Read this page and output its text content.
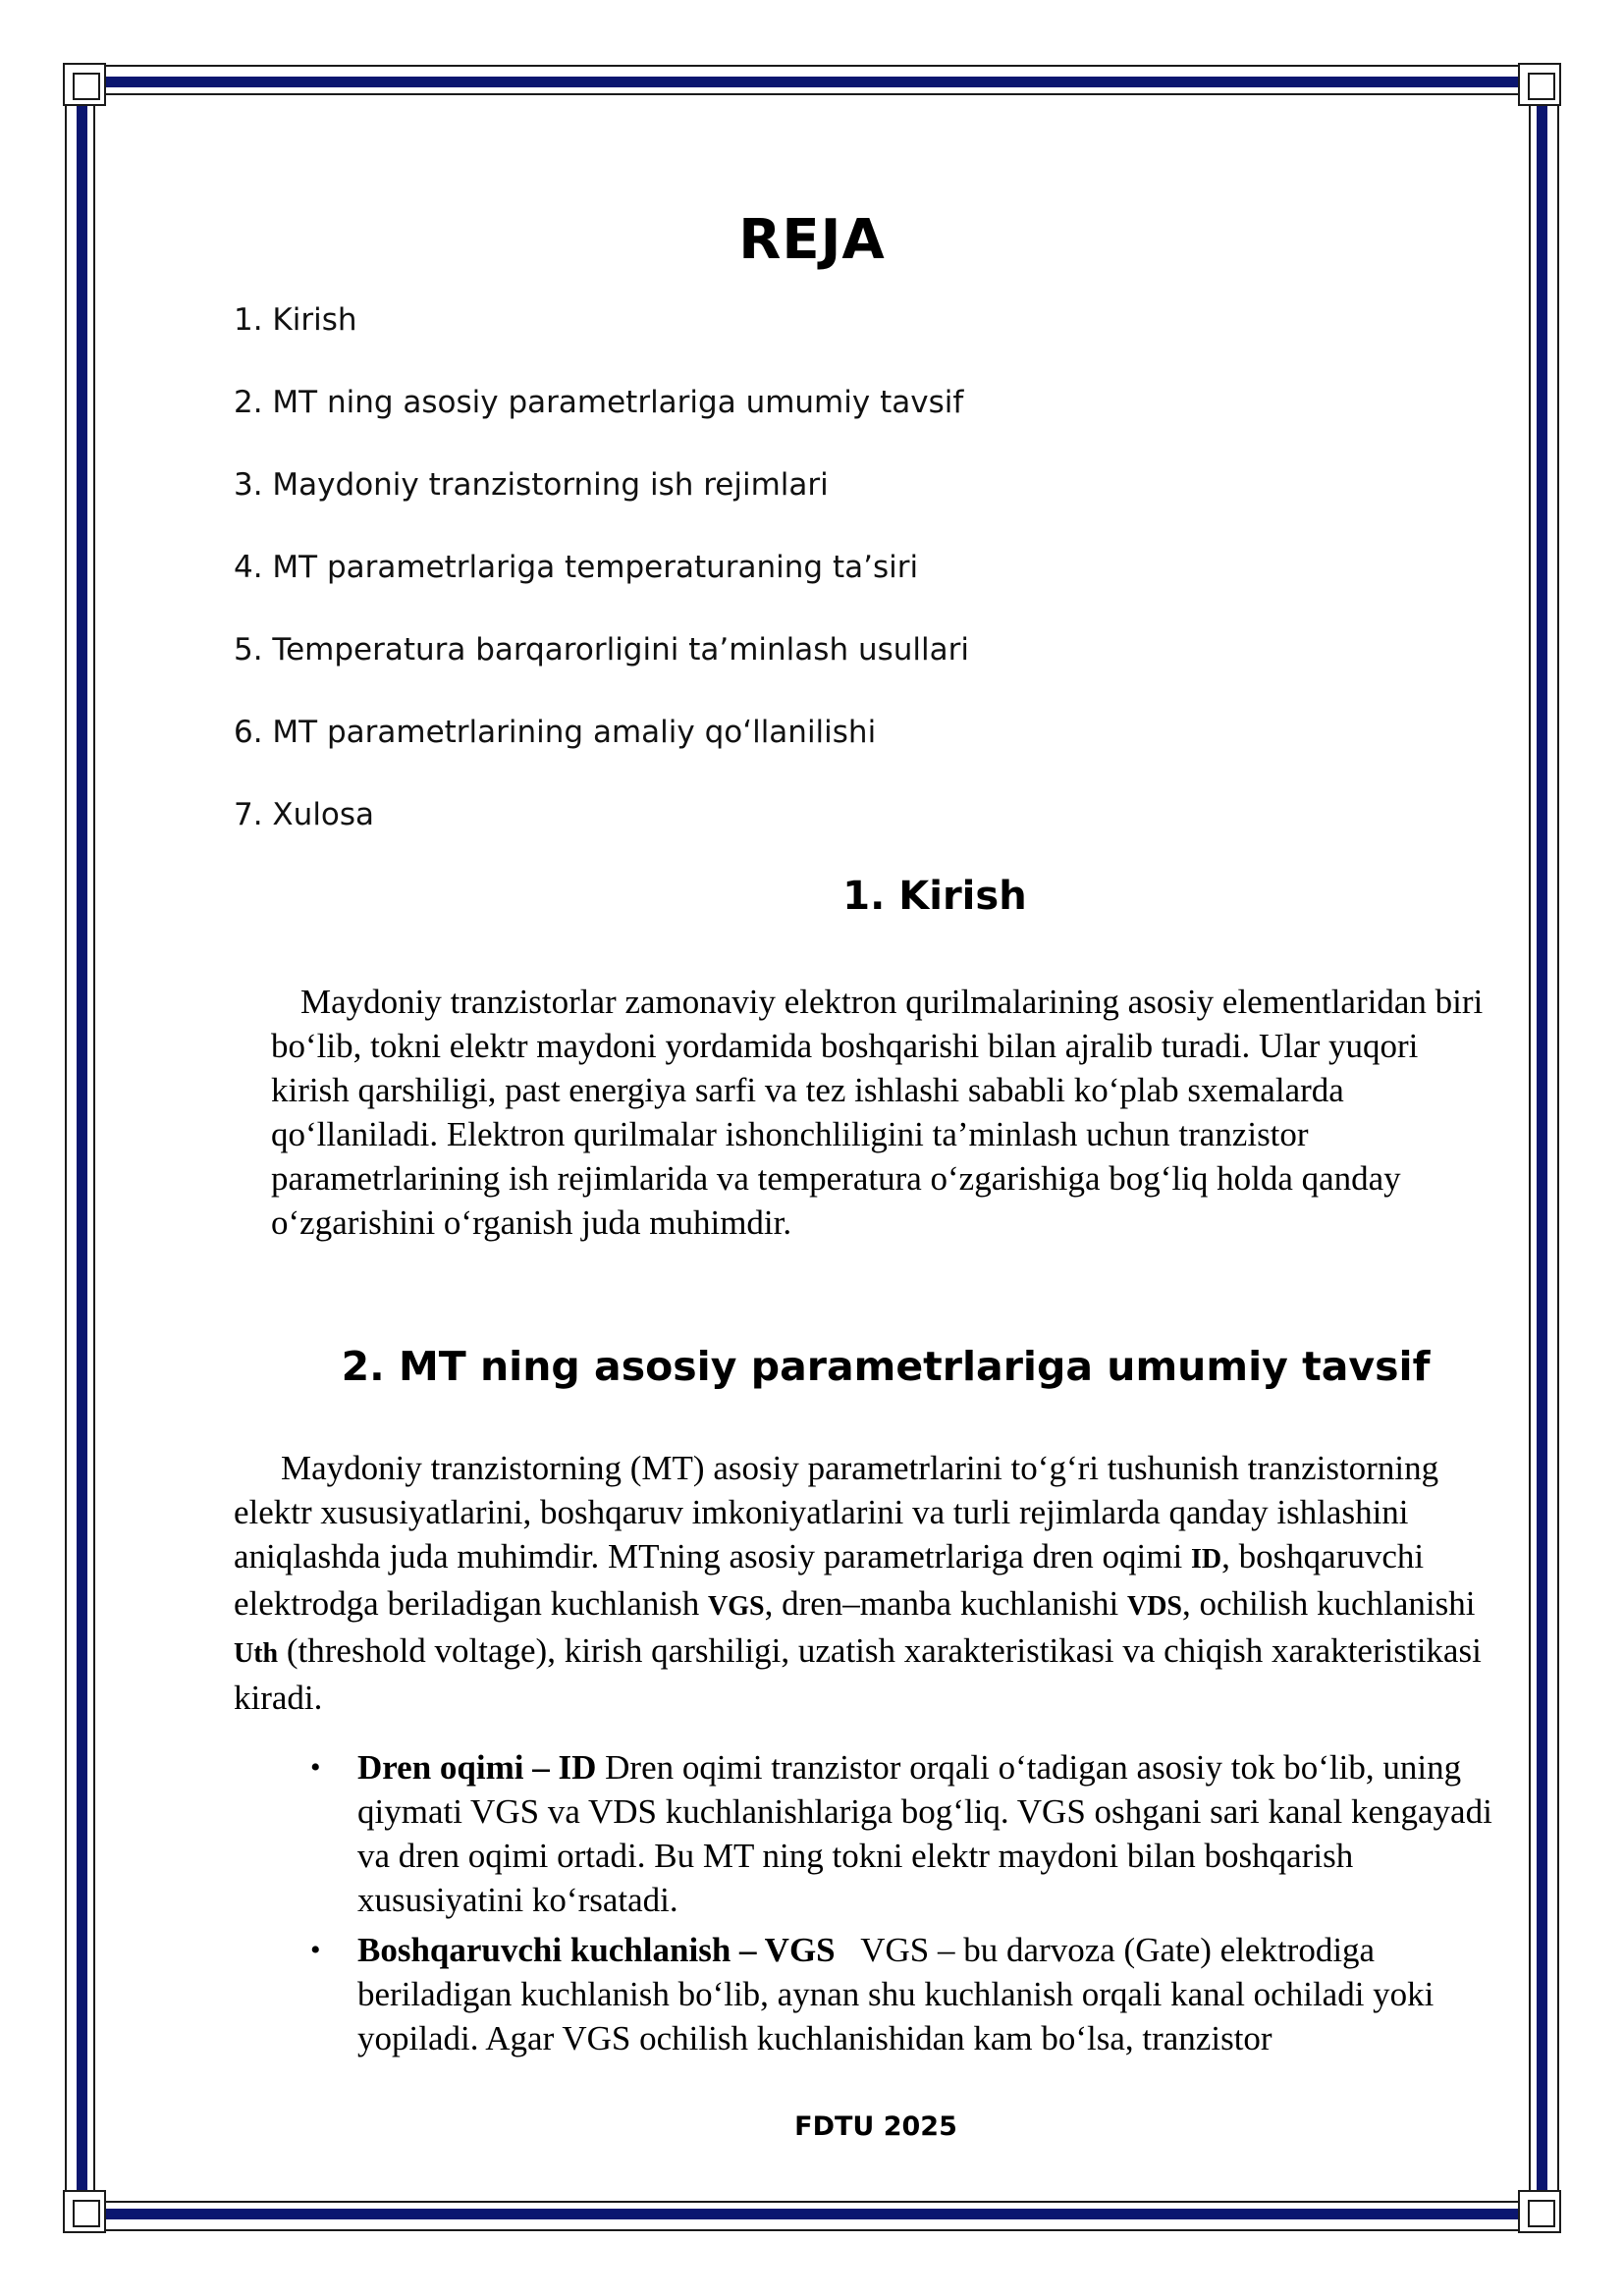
REJA
1. Kirish
2. MT ning asosiy parametrlariga umumiy tavsif
3. Maydoniy tranzistorning ish rejimlari
4. MT parametrlariga temperaturaning ta’siri
5. Temperatura barqarorligini ta’minlash usullari
6. MT parametrlarining amaliy qo‘llanilishi
7. Xulosa
1. Kirish

Maydoniy tranzistorlar zamonaviy elektron qurilmalarining asosiy elementlaridan biri bo‘lib, tokni elektr maydoni yordamida boshqarishi bilan ajralib turadi. Ular yuqori kirish qarshiligi, past energiya sarfi va tez ishlashi sababli ko‘plab sxemalarda qo‘llaniladi. Elektron qurilmalar ishonchliligini ta’minlash uchun tranzistor parametrlarining ish rejimlarida va temperatura o‘zgarishiga bog‘liq holda qanday o‘zgarishini o‘rganish juda muhimdir.

2. MT ning asosiy parametrlariga umumiy tavsif

Maydoniy tranzistorning (MT) asosiy parametrlarini to‘g‘ri tushunish tranzistorning elektr xususiyatlarini, boshqaruv imkoniyatlarini va turli rejimlarda qanday ishlashini aniqlashda juda muhimdir. MTning asosiy parametrlariga dren oqimi ID, boshqaruvchi elektrodga beriladigan kuchlanish VGS, dren–manba kuchlanishi VDS, ochilish kuchlanishi Uth (threshold voltage), kirish qarshiligi, uzatish xarakteristikasi va chiqish xarakteristikasi kiradi.

• Dren oqimi – ID Dren oqimi tranzistor orqali o‘tadigan asosiy tok bo‘lib, uning qiymati VGS va VDS kuchlanishlariga bog‘liq. VGS oshgani sari kanal kengayadi va dren oqimi ortadi. Bu MT ning tokni elektr maydoni bilan boshqarish xususiyatini ko‘rsatadi.
• Boshqaruvchi kuchlanish – VGS   VGS – bu darvoza (Gate) elektrodiga beriladigan kuchlanish bo‘lib, aynan shu kuchlanish orqali kanal ochiladi yoki yopiladi. Agar VGS ochilish kuchlanishidan kam bo‘lsa, tranzistor
FDTU 2025
